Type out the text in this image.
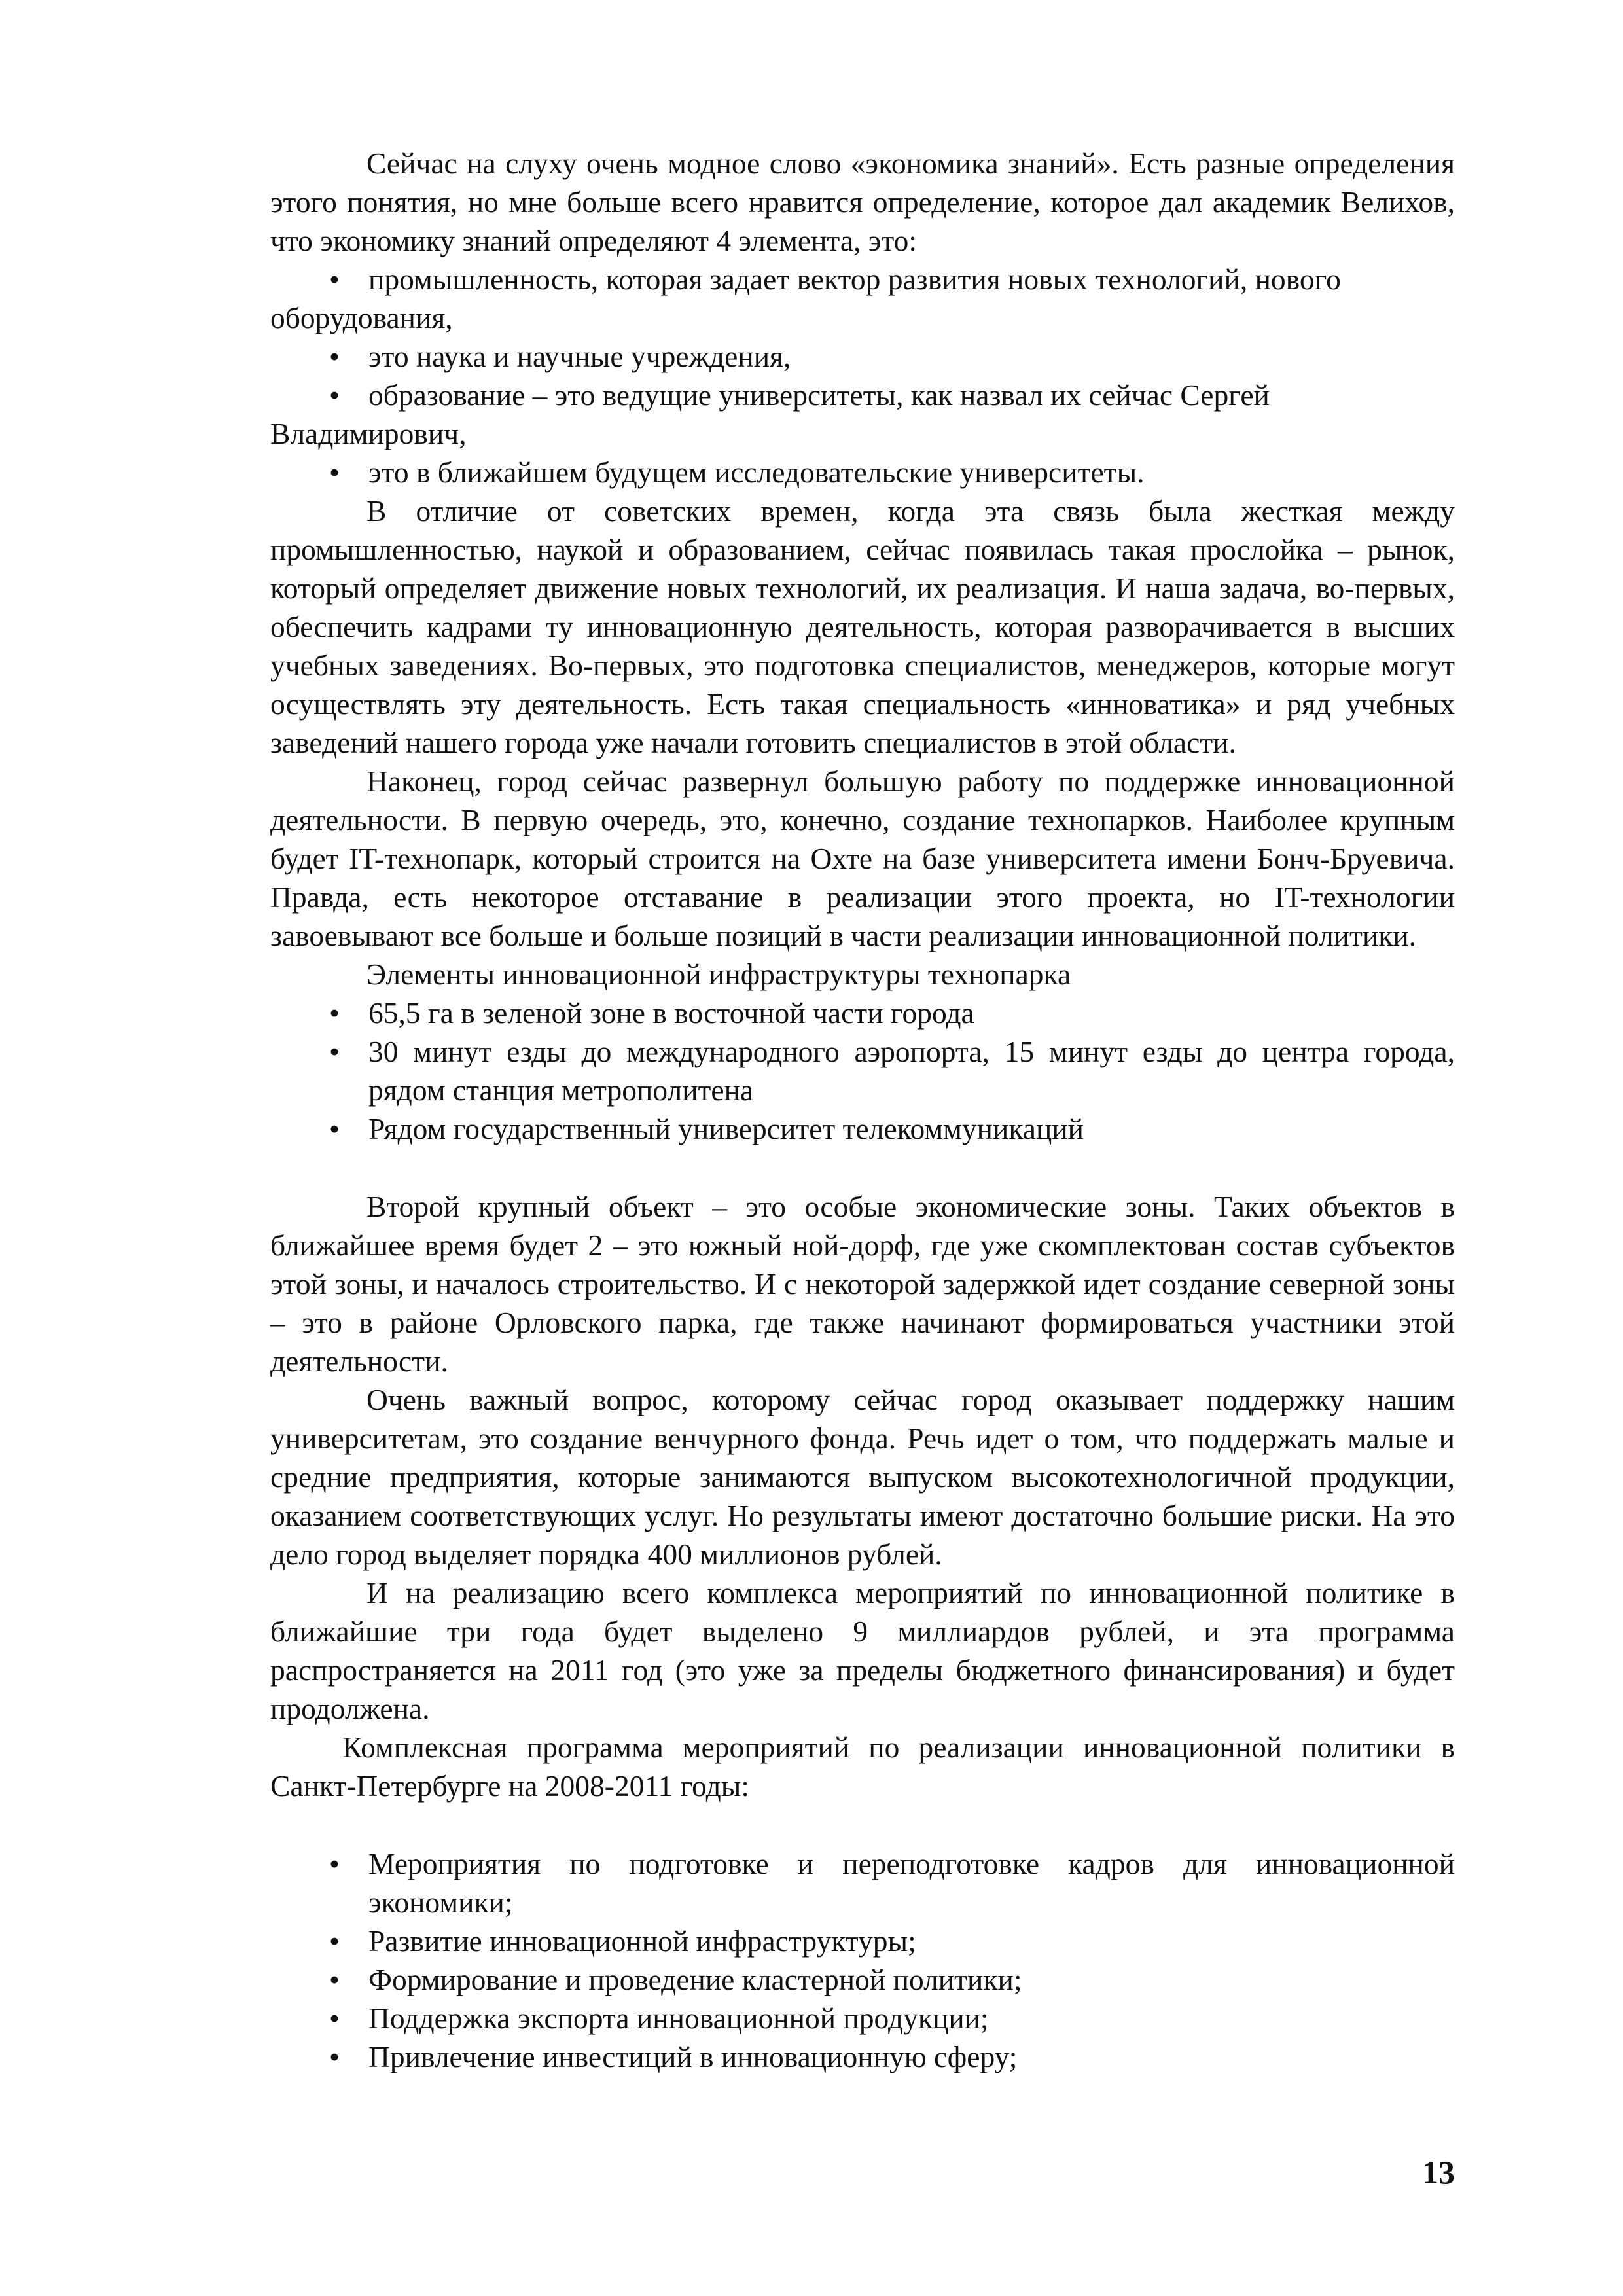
Сейчас на слуху очень модное слово «экономика знаний». Есть разные определения этого понятия, но мне больше всего нравится определение, которое дал академик Велихов, что экономику знаний определяют 4 элемента, это:

• промышленность, которая задает вектор развития новых технологий, нового оборудования,

• это наука и научные учреждения,

• образование – это ведущие университеты, как назвал их сейчас Сергей Владимирович,

• это в ближайшем будущем исследовательские университеты.

В отличие от советских времен, когда эта связь была жесткая между промышленностью, наукой и образованием, сейчас появилась такая прослойка – рынок, который определяет движение новых технологий, их реализация. И наша задача, во-первых, обеспечить кадрами ту инновационную деятельность, которая разворачивается в высших учебных заведениях. Во-первых, это подготовка специалистов, менеджеров, которые могут осуществлять эту деятельность. Есть такая специальность «инноватика» и ряд учебных заведений нашего города уже начали готовить специалистов в этой области.

Наконец, город сейчас развернул большую работу по поддержке инновационной деятельности. В первую очередь, это, конечно, создание технопарков. Наиболее крупным будет IT-технопарк, который строится на Охте на базе университета имени Бонч-Бруевича. Правда, есть некоторое отставание в реализации этого проекта, но IT-технологии завоевывают все больше и больше позиций в части реализации инновационной политики.

Элементы инновационной инфраструктуры технопарка

• 65,5 га в зеленой зоне в восточной части города

• 30 минут езды до международного аэропорта, 15 минут езды до центра города, рядом станция метрополитена

• Рядом государственный университет телекоммуникаций

Второй крупный объект – это особые экономические зоны. Таких объектов в ближайшее время будет 2 – это южный ной-дорф, где уже скомплектован состав субъектов этой зоны, и началось строительство. И с некоторой задержкой идет создание северной зоны – это в районе Орловского парка, где также начинают формироваться участники этой деятельности.

Очень важный вопрос, которому сейчас город оказывает поддержку нашим университетам, это создание венчурного фонда. Речь идет о том, что поддержать малые и средние предприятия, которые занимаются выпуском высокотехнологичной продукции, оказанием соответствующих услуг. Но результаты имеют достаточно большие риски. На это дело город выделяет порядка 400 миллионов рублей.

И на реализацию всего комплекса мероприятий по инновационной политике в ближайшие три года будет выделено 9 миллиардов рублей, и эта программа распространяется на 2011 год (это уже за пределы бюджетного финансирования) и будет продолжена.

Комплексная программа мероприятий по реализации инновационной политики в Санкт-Петербурге на 2008-2011 годы:

• Мероприятия по подготовке и переподготовке кадров для инновационной экономики;

• Развитие инновационной инфраструктуры;

• Формирование и проведение кластерной политики;

• Поддержка экспорта инновационной продукции;

• Привлечение инвестиций в инновационную сферу;

13
